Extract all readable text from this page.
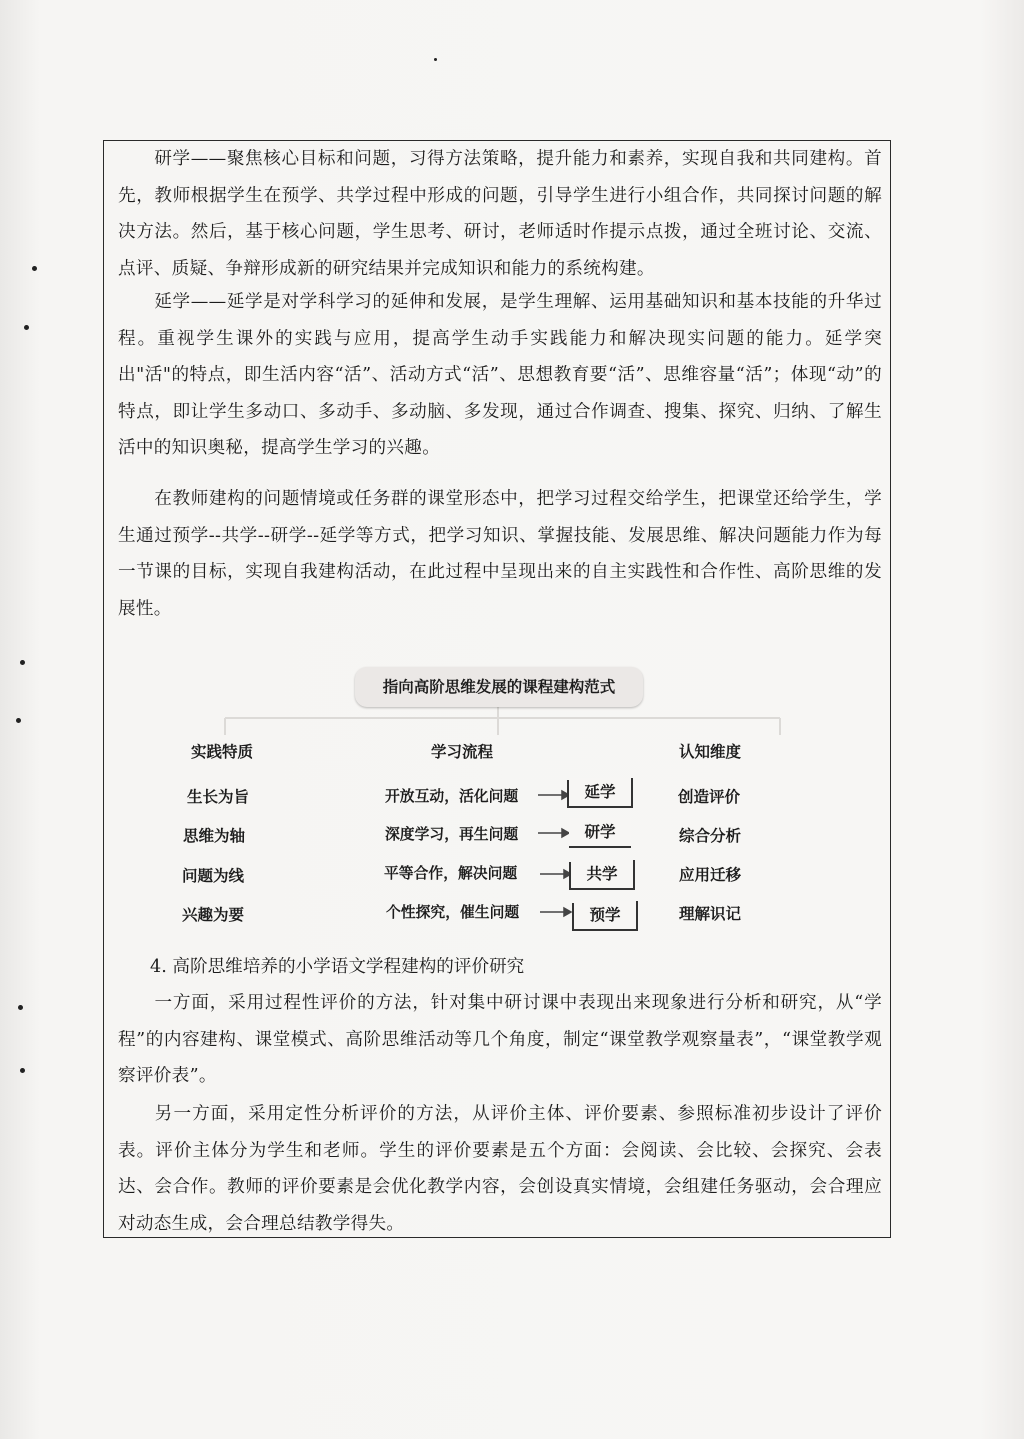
研学——聚焦核心目标和问题，习得方法策略，提升能力和素养，实现自我和共同建构。首先，教师根据学生在预学、共学过程中形成的问题，引导学生进行小组合作，共同探讨问题的解决方法。然后，基于核心问题，学生思考、研讨，老师适时作提示点拨，通过全班讨论、交流、点评、质疑、争辩形成新的研究结果并完成知识和能力的系统构建。

延学——延学是对学科学习的延伸和发展，是学生理解、运用基础知识和基本技能的升华过程。重视学生课外的实践与应用，提高学生动手实践能力和解决现实问题的能力。延学突出"活"的特点，即生活内容“活”、活动方式“活”、思想教育要“活”、思维容量“活”；体现“动”的特点，即让学生多动口、多动手、多动脑、多发现，通过合作调查、搜集、探究、归纳、了解生活中的知识奥秘，提高学生学习的兴趣。

在教师建构的问题情境或任务群的课堂形态中，把学习过程交给学生，把课堂还给学生，学生通过预学--共学--研学--延学等方式，把学习知识、掌握技能、发展思维、解决问题能力作为每一节课的目标，实现自我建构活动，在此过程中呈现出来的自主实践性和合作性、高阶思维的发展性。

指向高阶思维发展的课程建构范式
实践特质	学习流程	认知维度
生长为旨	开放互动，活化问题	延学	创造评价
思维为轴	深度学习，再生问题	研学	综合分析
问题为线	平等合作，解决问题	共学	应用迁移
兴趣为要	个性探究，催生问题	预学	理解识记

4. 高阶思维培养的小学语文学程建构的评价研究

一方面，采用过程性评价的方法，针对集中研讨课中表现出来现象进行分析和研究，从“学程”的内容建构、课堂模式、高阶思维活动等几个角度，制定“课堂教学观察量表”，“课堂教学观察评价表”。

另一方面，采用定性分析评价的方法，从评价主体、评价要素、参照标准初步设计了评价表。评价主体分为学生和老师。学生的评价要素是五个方面：会阅读、会比较、会探究、会表达、会合作。教师的评价要素是会优化教学内容，会创设真实情境，会组建任务驱动，会合理应对动态生成，会合理总结教学得失。
